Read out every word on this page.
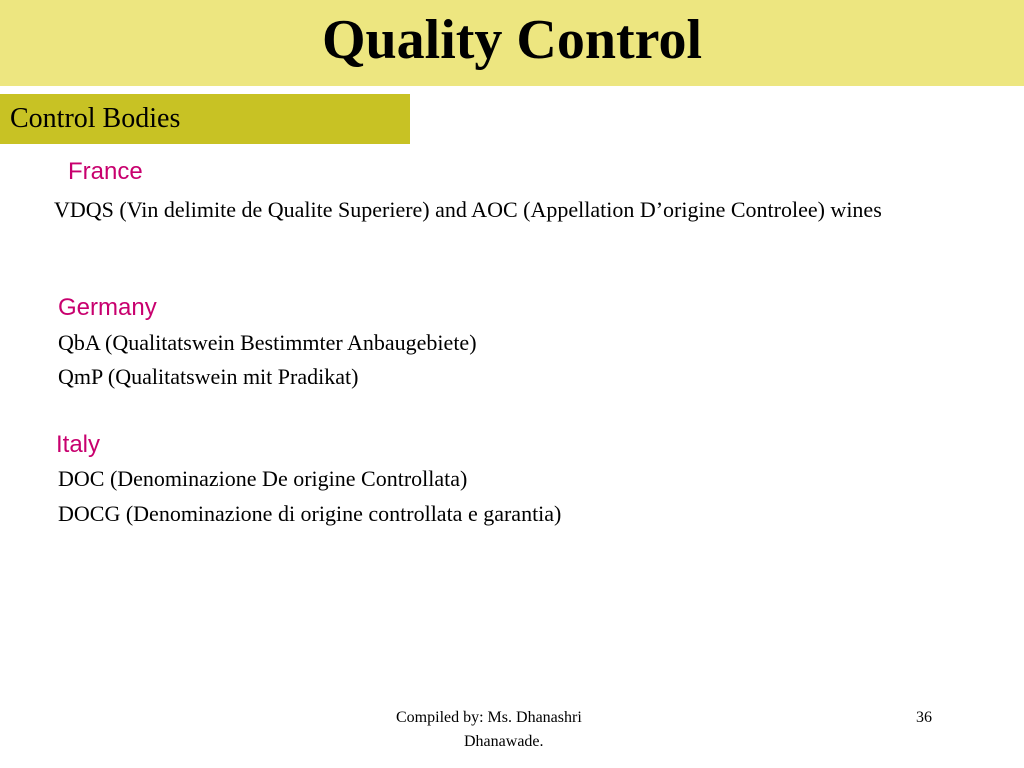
Quality Control
Control Bodies
France
VDQS (Vin delimite de Qualite Superiere) and AOC (Appellation D’origine Controlee) wines
Germany
QbA (Qualitatswein Bestimmter Anbaugebiete)
QmP (Qualitatswein mit Pradikat)
Italy
DOC (Denominazione De origine Controllata)
DOCG (Denominazione di origine controllata e garantia)
Compiled by: Ms. Dhanashri
Dhanawade.
36
